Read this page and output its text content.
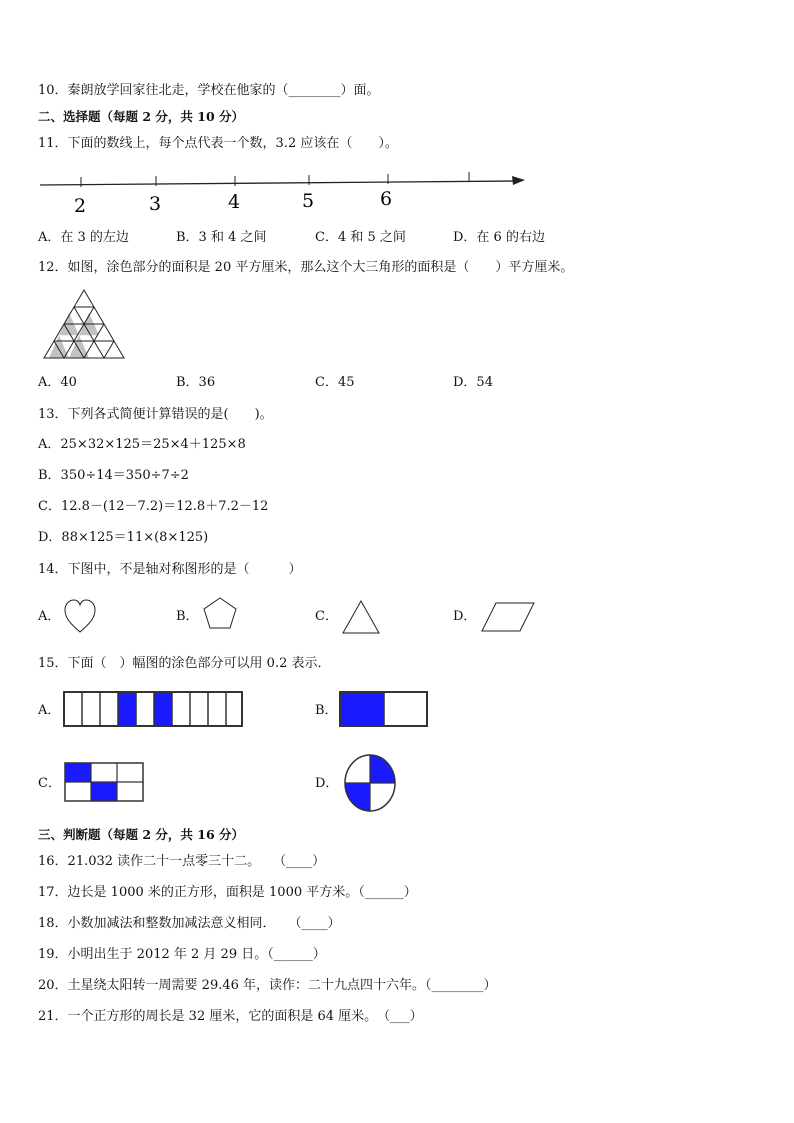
10．秦朗放学回家往北走，学校在他家的（________）面。
二、选择题（每题 2 分，共 10 分）
11．下面的数线上，每个点代表一个数，3.2 应该在（　　）。
2	3	4	5	6
A．在 3 的左边	B．3 和 4 之间	C．4 和 5 之间	D．在 6 的右边
12．如图，涂色部分的面积是 20 平方厘米，那么这个大三角形的面积是（　　）平方厘米。
A．40	B．36	C．45	D．54
13．下列各式简便计算错误的是(　　)。
A．25×32×125＝25×4＋125×8
B．350÷14＝350÷7÷2
C．12.8－(12－7.2)＝12.8＋7.2－12
D．88×125＝11×(8×125)
14．下图中，不是轴对称图形的是（　　　）
A．	B．	C．	D．
15．下面（　）幅图的涂色部分可以用 0.2 表示．
A．	B．
C．	D．
三、判断题（每题 2 分，共 16 分）
16．21.032 读作二十一点零三十二。　　（____）
17．边长是 1000 米的正方形，面积是 1000 平方米。（______）
18．小数加减法和整数加减法意义相同．　　（____）
19．小明出生于 2012 年 2 月 29 日。（______）
20．土星绕太阳转一周需要 29.46 年，读作：二十九点四十六年。（________）
21．一个正方形的周长是 32 厘米，它的面积是 64 厘米。　（___）
